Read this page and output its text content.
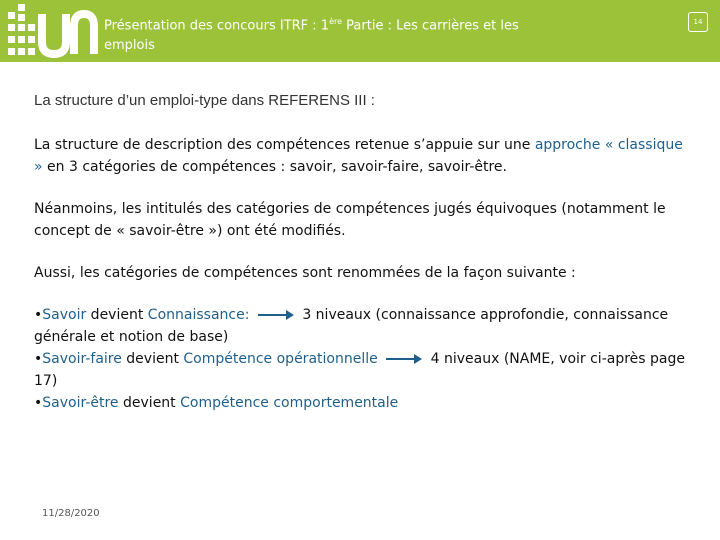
Présentation des concours ITRF : 1ère Partie : Les carrières et les emplois
14
La structure d’un emploi-type dans REFERENS III :

La structure de description des compétences retenue s’appuie sur une approche « classique » en 3 catégories de compétences : savoir, savoir-faire, savoir-être.

Néanmoins, les intitulés des catégories de compétences jugés équivoques (notamment le concept de « savoir-être ») ont été modifiés.

Aussi, les catégories de compétences sont renommées de la façon suivante :

•Savoir devient Connaissance:	3 niveaux (connaissance approfondie, connaissance générale et notion de base)
•Savoir-faire devient Compétence opérationnelle	4 niveaux (NAME, voir ci-après page 17)
•Savoir-être devient Compétence comportementale

11/28/2020
